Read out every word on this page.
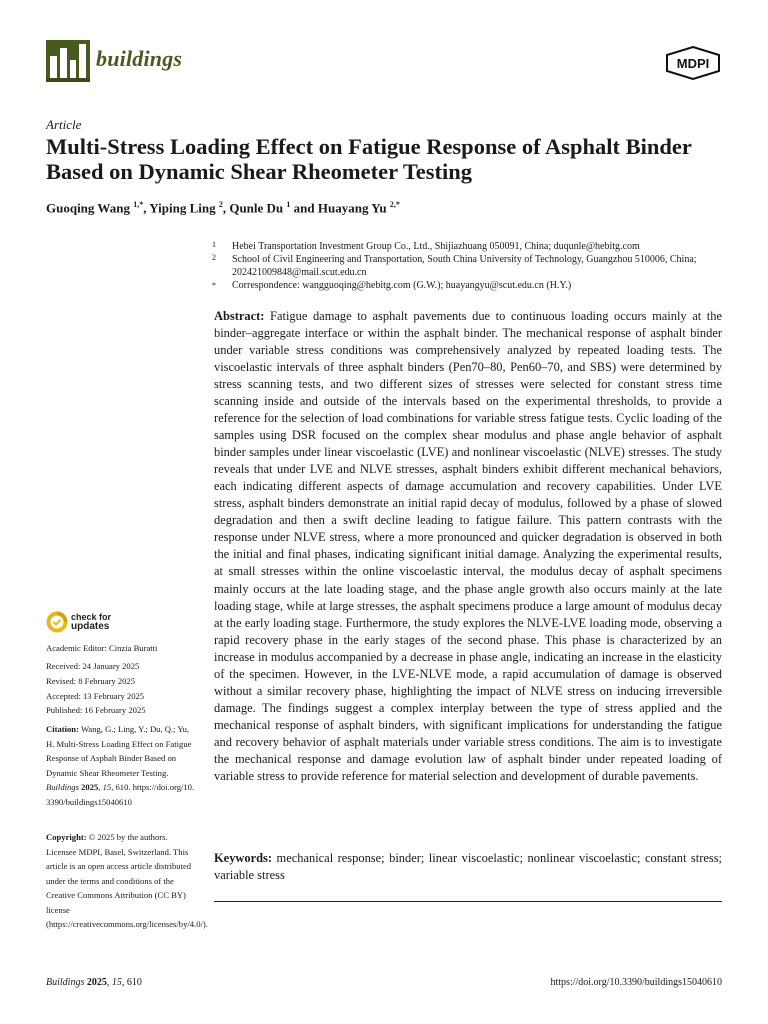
buildings	MDPI
Article
Multi-Stress Loading Effect on Fatigue Response of Asphalt Binder Based on Dynamic Shear Rheometer Testing
Guoqing Wang $^{1,*}$, Yiping Ling $^2$, Qunle Du $^1$ and Huayang Yu $^{2,*}$
1 Hebei Transportation Investment Group Co., Ltd., Shijiazhuang 050091, China; duqunle@hebitg.com
2 School of Civil Engineering and Transportation, South China University of Technology, Guangzhou 510006, China; 202421009848@mail.scut.edu.cn
* Correspondence: wangguoqing@hebitg.com (G.W.); huayangyu@scut.edu.cn (H.Y.)
Abstract: Fatigue damage to asphalt pavements due to continuous loading occurs mainly at the binder–aggregate interface or within the asphalt binder. The mechanical response of asphalt binder under variable stress conditions was comprehensively analyzed by repeated loading tests. The viscoelastic intervals of three asphalt binders (Pen70–80, Pen60–70, and SBS) were determined by stress scanning tests, and two different sizes of stresses were selected for constant stress time scanning inside and outside of the intervals based on the experimental thresholds, to provide a reference for the selection of load combinations for variable stress fatigue tests. Cyclic loading of the samples using DSR focused on the complex shear modulus and phase angle behavior of asphalt binder samples under linear viscoelastic (LVE) and nonlinear viscoelastic (NLVE) stresses. The study reveals that under LVE and NLVE stresses, asphalt binders exhibit different mechanical behaviors, each indicating different aspects of damage accumulation and recovery capabilities. Under LVE stress, asphalt binders demonstrate an initial rapid decay of modulus, followed by a phase of slowed degradation and then a swift decline leading to fatigue failure. This pattern contrasts with the response under NLVE stress, where a more pronounced and quicker degradation is observed in both the initial and final phases, indicating significant initial damage. Analyzing the experimental results, at small stresses within the online viscoelastic interval, the modulus decay of asphalt specimens mainly occurs at the late loading stage, and the phase angle growth also occurs mainly at the late loading stage, while at large stresses, the asphalt specimens produce a large amount of modulus decay at the early loading stage. Furthermore, the study explores the NLVE-LVE loading mode, observing a rapid recovery phase in the early stages of the second phase. This phase is characterized by an increase in modulus accompanied by a decrease in phase angle, indicating an increase in the elasticity of the specimen. However, in the LVE-NLVE mode, a rapid accumulation of damage is observed without a similar recovery phase, highlighting the impact of NLVE stress on inducing irreversible damage. The findings suggest a complex interplay between the type of stress applied and the mechanical response of asphalt binders, with significant implications for understanding the fatigue and recovery behavior of asphalt materials under variable stress conditions. The aim is to investigate the mechanical response and damage evolution law of asphalt binder under repeated loading of variable stress to provide reference for material selection and development of durable pavements.
Keywords: mechanical response; binder; linear viscoelastic; nonlinear viscoelastic; constant stress; variable stress
check for
updates
Academic Editor: Cinzia Buratti
Received: 24 January 2025
Revised: 8 February 2025
Accepted: 13 February 2025
Published: 16 February 2025
Citation: Wang, G.; Ling, Y.; Du, Q.; Yu, H. Multi-Stress Loading Effect on Fatigue Response of Asphalt Binder Based on Dynamic Shear Rheometer Testing. Buildings 2025, 15, 610. https://doi.org/10.3390/buildings15040610
Copyright: © 2025 by the authors. Licensee MDPI, Basel, Switzerland. This article is an open access article distributed under the terms and conditions of the Creative Commons Attribution (CC BY) license (https://creativecommons.org/licenses/by/4.0/).
Buildings 2025, 15, 610	https://doi.org/10.3390/buildings15040610
